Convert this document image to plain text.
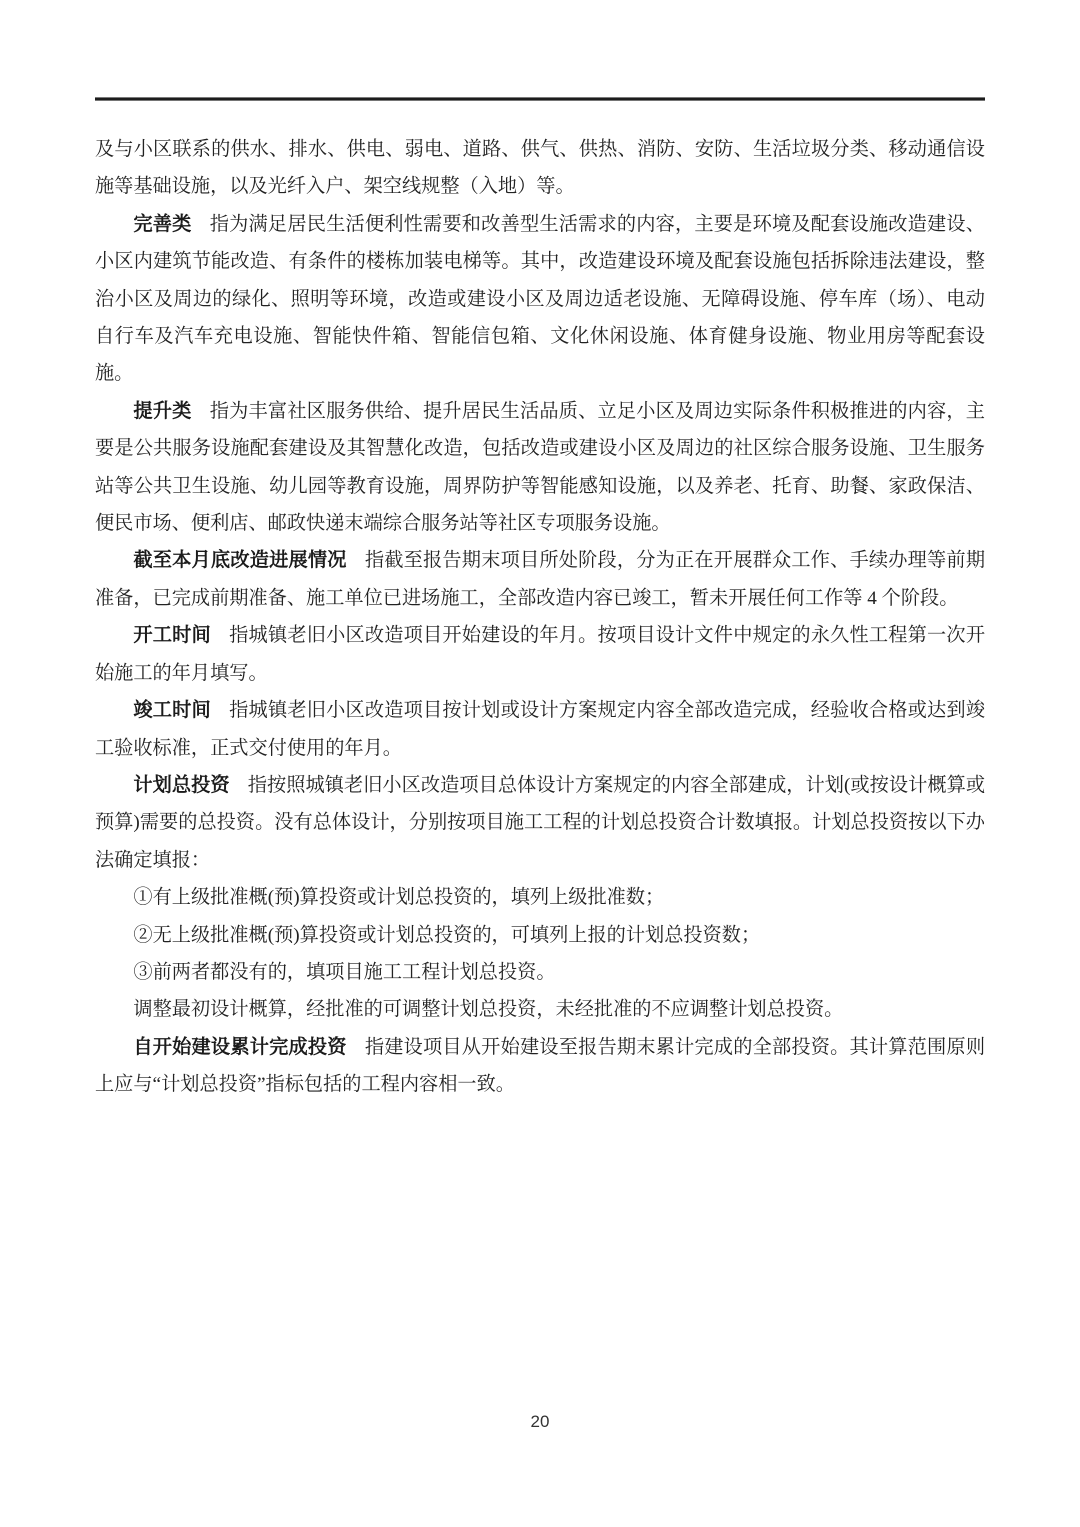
及与小区联系的供水、排水、供电、弱电、道路、供气、供热、消防、安防、生活垃圾分类、移动通信设施等基础设施，以及光纤入户、架空线规整（入地）等。

完善类 指为满足居民生活便利性需要和改善型生活需求的内容，主要是环境及配套设施改造建设、小区内建筑节能改造、有条件的楼栋加装电梯等。其中，改造建设环境及配套设施包括拆除违法建设，整治小区及周边的绿化、照明等环境，改造或建设小区及周边适老设施、无障碍设施、停车库（场）、电动自行车及汽车充电设施、智能快件箱、智能信包箱、文化休闲设施、体育健身设施、物业用房等配套设施。

提升类 指为丰富社区服务供给、提升居民生活品质、立足小区及周边实际条件积极推进的内容，主要是公共服务设施配套建设及其智慧化改造，包括改造或建设小区及周边的社区综合服务设施、卫生服务站等公共卫生设施、幼儿园等教育设施，周界防护等智能感知设施，以及养老、托育、助餐、家政保洁、便民市场、便利店、邮政快递末端综合服务站等社区专项服务设施。

截至本月底改造进展情况 指截至报告期末项目所处阶段，分为正在开展群众工作、手续办理等前期准备，已完成前期准备、施工单位已进场施工，全部改造内容已竣工，暂未开展任何工作等 4 个阶段。

开工时间 指城镇老旧小区改造项目开始建设的年月。按项目设计文件中规定的永久性工程第一次开始施工的年月填写。

竣工时间 指城镇老旧小区改造项目按计划或设计方案规定内容全部改造完成，经验收合格或达到竣工验收标准，正式交付使用的年月。

计划总投资 指按照城镇老旧小区改造项目总体设计方案规定的内容全部建成，计划(或按设计概算或预算)需要的总投资。没有总体设计，分别按项目施工工程的计划总投资合计数填报。计划总投资按以下办法确定填报：

①有上级批准概(预)算投资或计划总投资的，填列上级批准数；

②无上级批准概(预)算投资或计划总投资的，可填列上报的计划总投资数；

③前两者都没有的，填项目施工工程计划总投资。

调整最初设计概算，经批准的可调整计划总投资，未经批准的不应调整计划总投资。

自开始建设累计完成投资 指建设项目从开始建设至报告期末累计完成的全部投资。其计算范围原则上应与“计划总投资”指标包括的工程内容相一致。

20
